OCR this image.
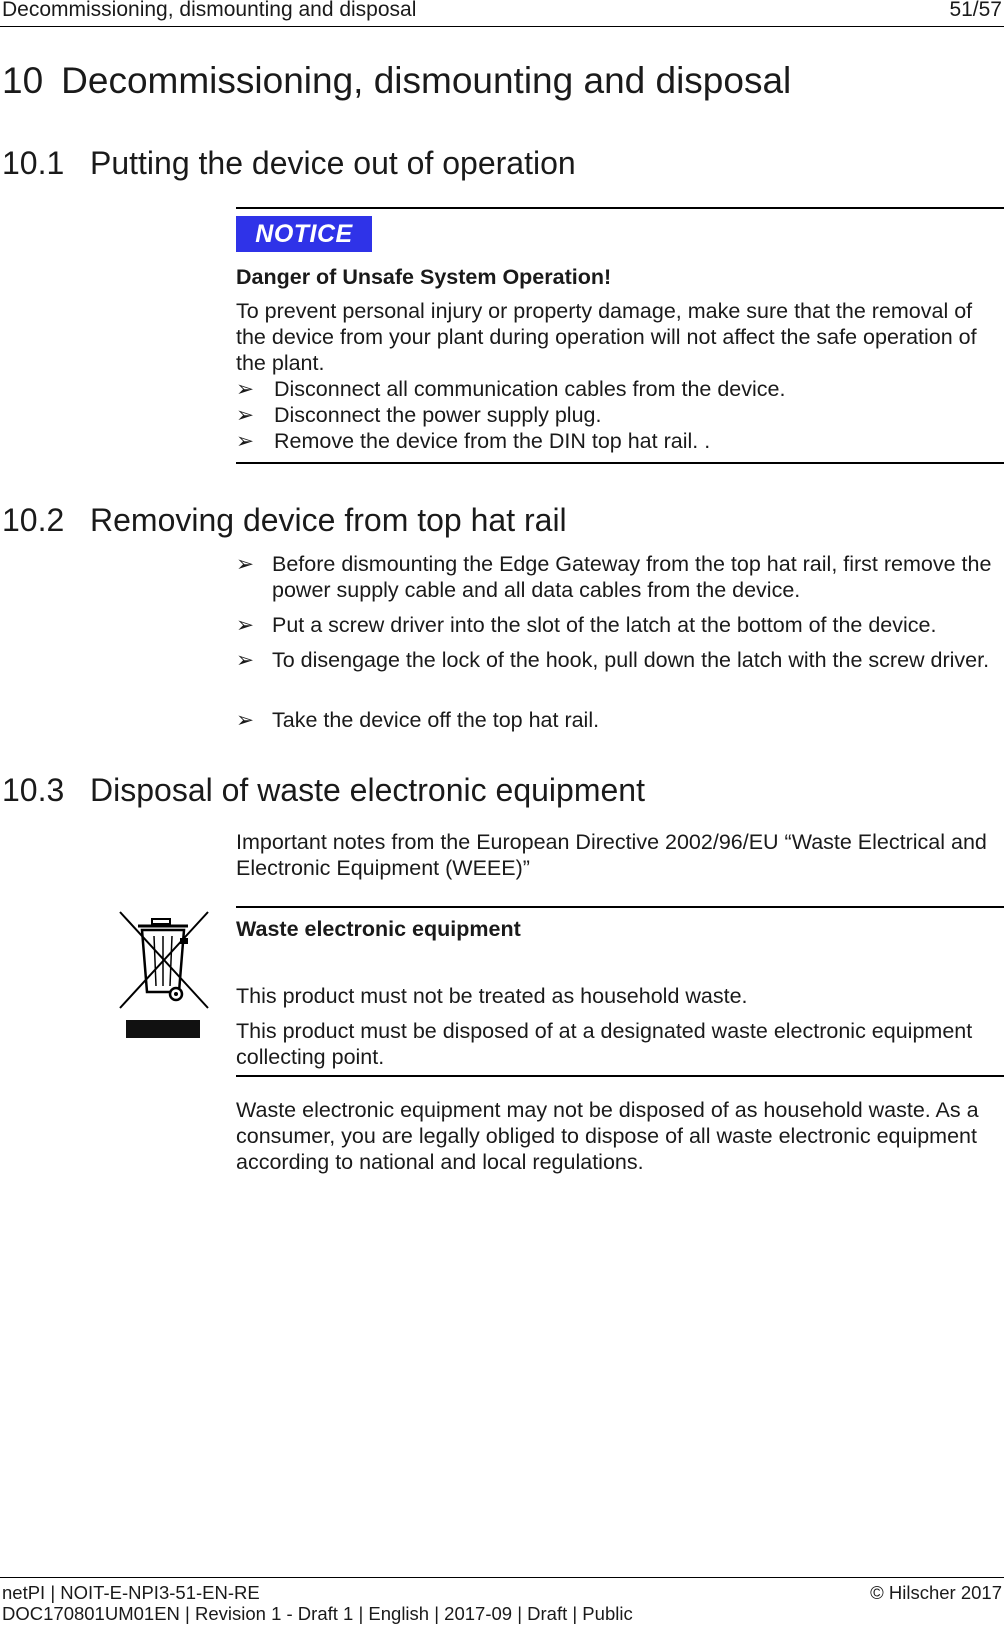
Decommissioning, dismounting and disposal	51/57
10 Decommissioning, dismounting and disposal
10.1 Putting the device out of operation
NOTICE
Danger of Unsafe System Operation!
To prevent personal injury or property damage, make sure that the removal of the device from your plant during operation will not affect the safe operation of the plant.
➢ Disconnect all communication cables from the device.
➢ Disconnect the power supply plug.
➢ Remove the device from the DIN top hat rail. .
10.2 Removing device from top hat rail
➢ Before dismounting the Edge Gateway from the top hat rail, first remove the power supply cable and all data cables from the device.
➢ Put a screw driver into the slot of the latch at the bottom of the device.
➢ To disengage the lock of the hook, pull down the latch with the screw driver.
➢ Take the device off the top hat rail.
10.3 Disposal of waste electronic equipment
Important notes from the European Directive 2002/96/EU “Waste Electrical and Electronic Equipment (WEEE)”
Waste electronic equipment
This product must not be treated as household waste.
This product must be disposed of at a designated waste electronic equipment collecting point.
Waste electronic equipment may not be disposed of as household waste. As a consumer, you are legally obliged to dispose of all waste electronic equipment according to national and local regulations.
netPI | NOIT-E-NPI3-51-EN-RE	© Hilscher 2017
DOC170801UM01EN | Revision 1 - Draft 1 | English | 2017-09 | Draft | Public
